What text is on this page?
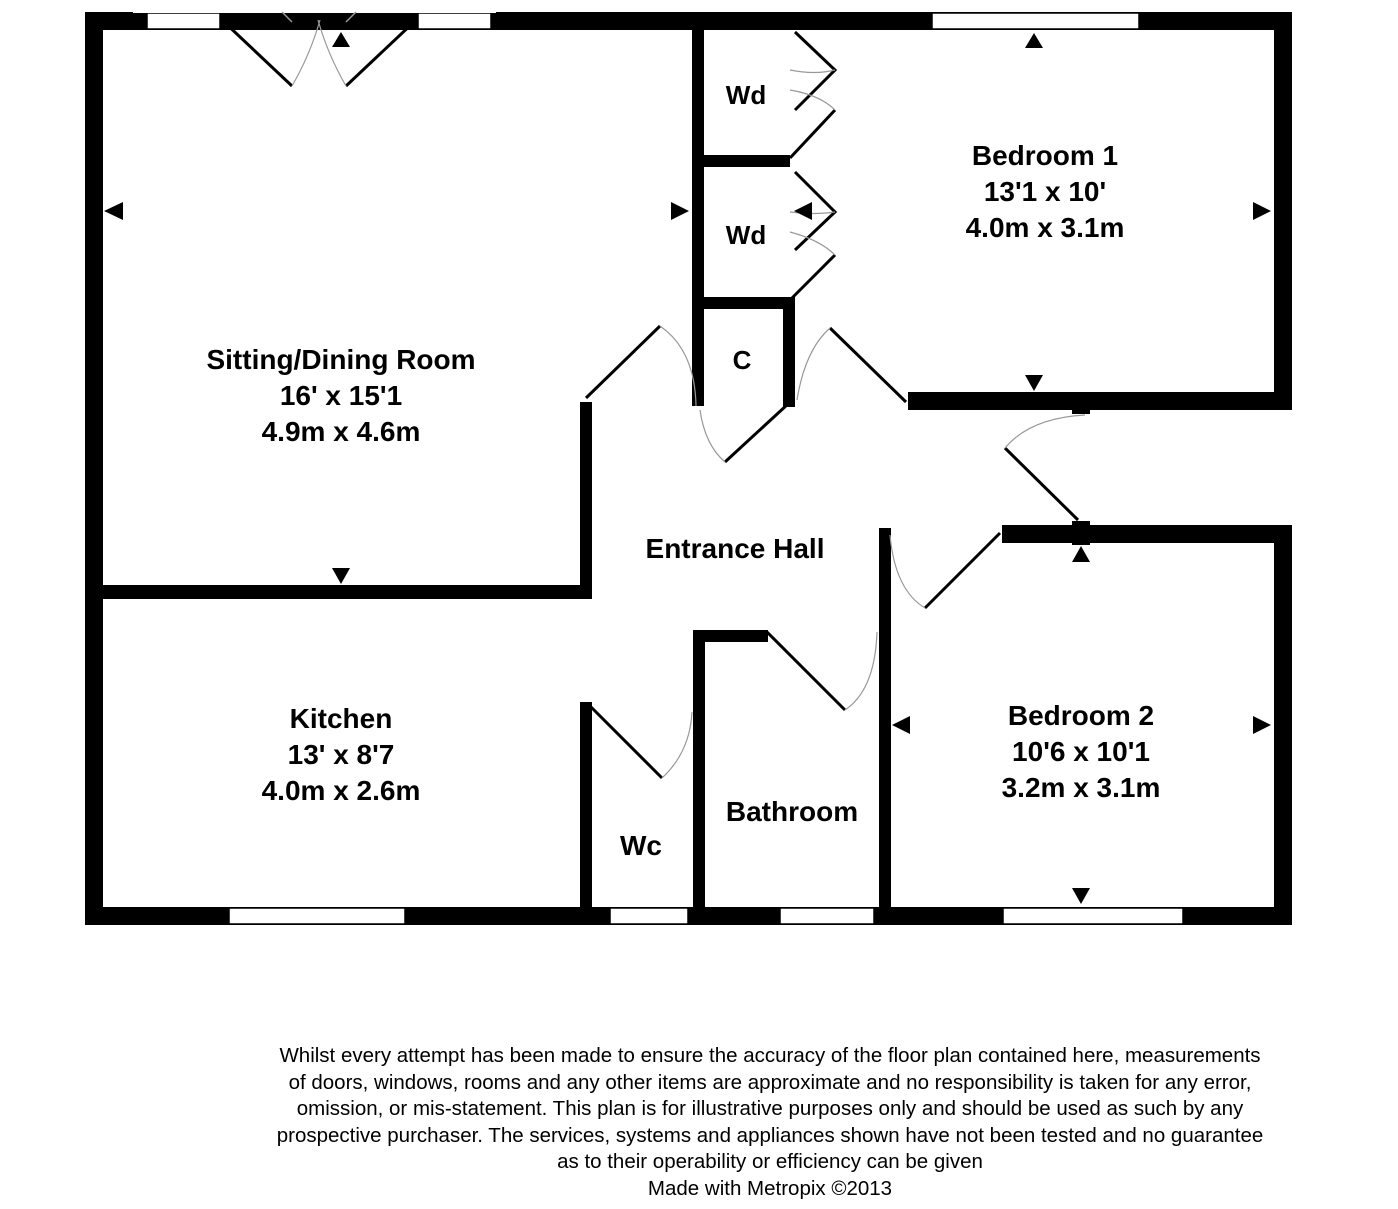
Sitting/Dining Room
16' x 15'1
4.9m x 4.6m
Bedroom 1
13'1 x 10'
4.0m x 3.1m
Wd
Wd
C
Entrance Hall
Kitchen
13' x 8'7
4.0m x 2.6m
Wc
Bathroom
Bedroom 2
10'6 x 10'1
3.2m x 3.1m
Whilst every attempt has been made to ensure the accuracy of the floor plan contained here, measurements
of doors, windows, rooms and any other items are approximate and no responsibility is taken for any error,
omission, or mis-statement. This plan is for illustrative purposes only and should be used as such by any
prospective purchaser. The services, systems and appliances shown have not been tested and no guarantee
as to their operability or efficiency can be given
Made with Metropix ©2013
